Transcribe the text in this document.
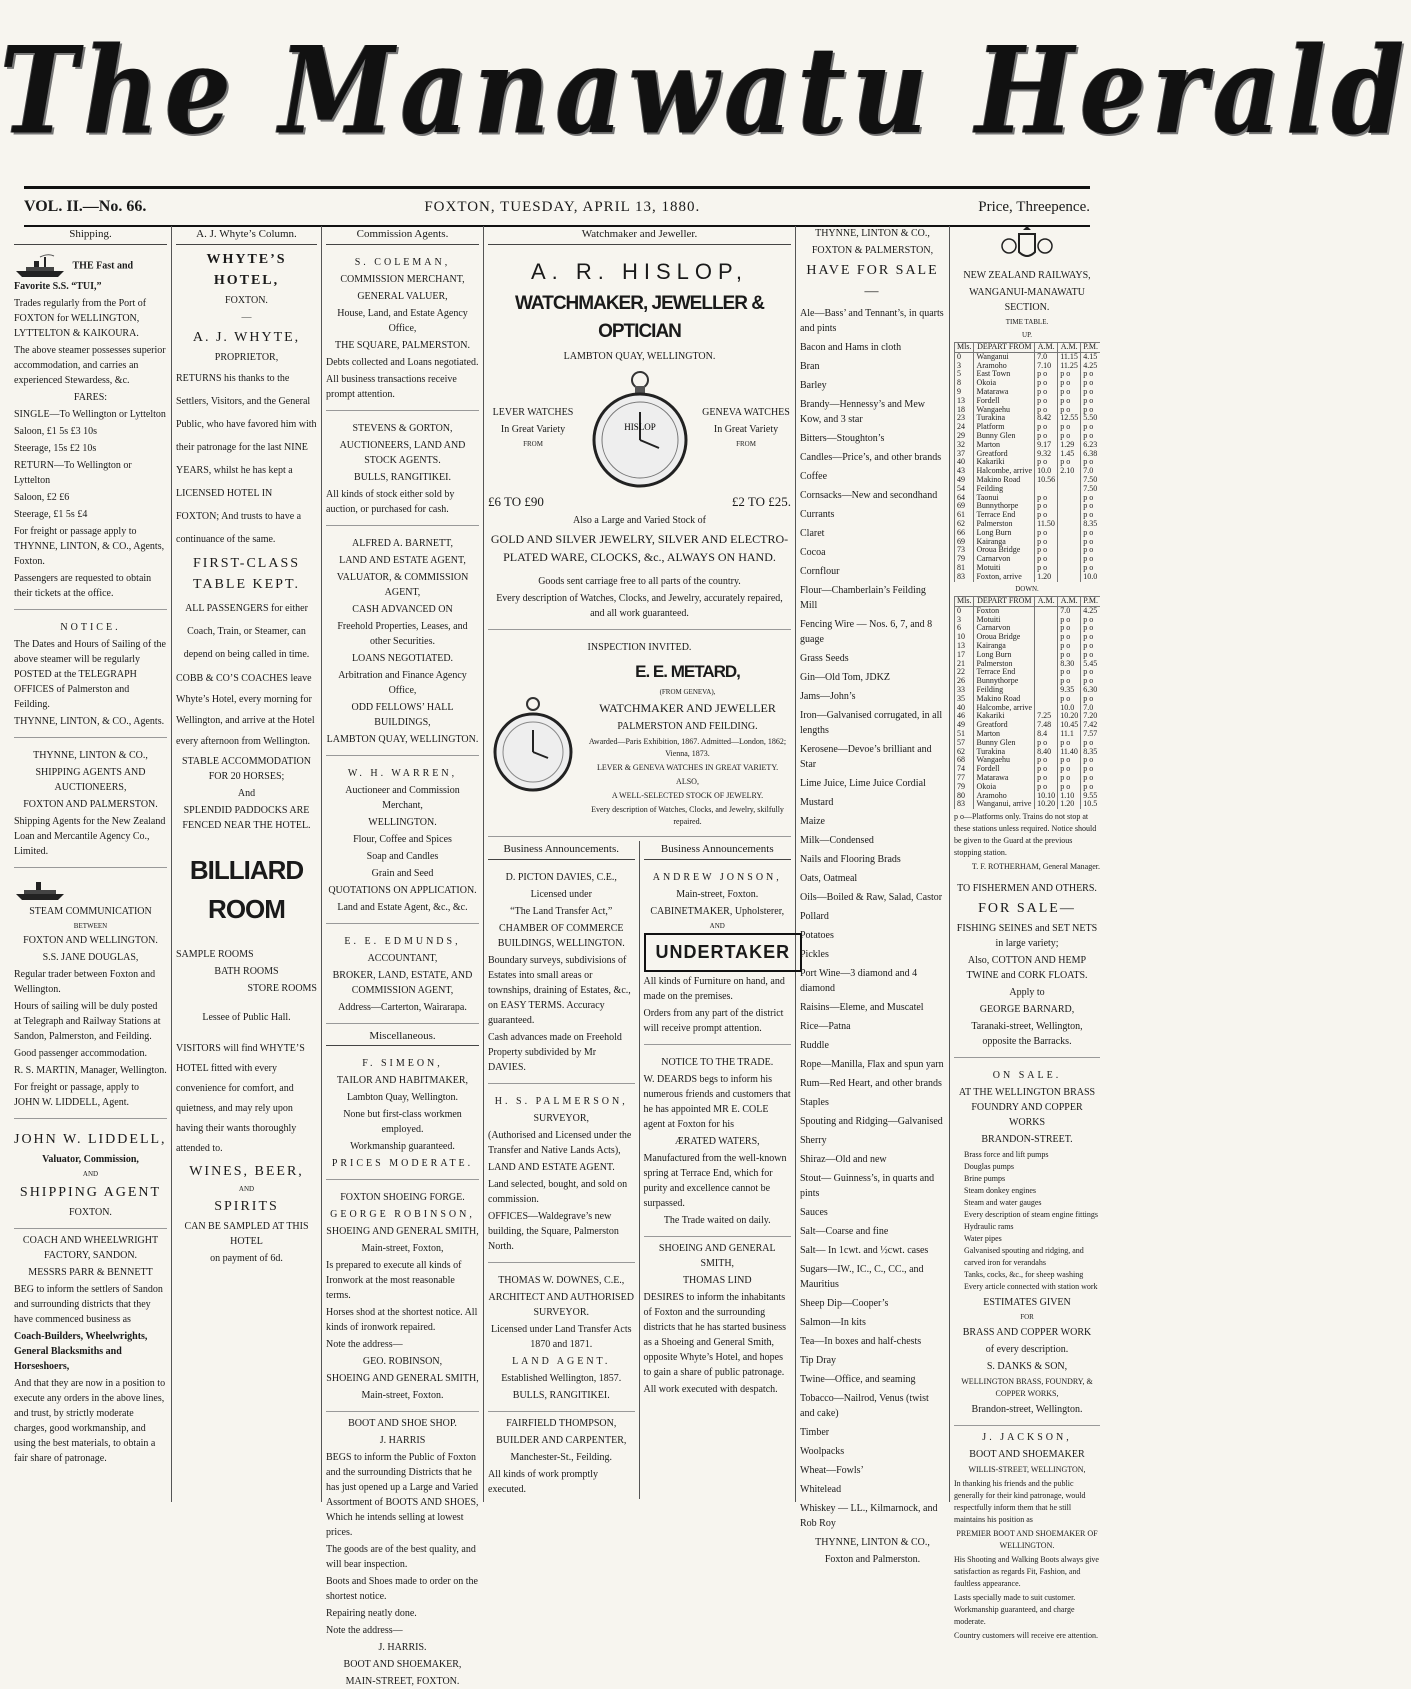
The Manawatu Herald
VOL. II.—No. 66.	FOXTON, TUESDAY, APRIL 13, 1880.	Price, Threepence.
Shipping.
THE Fast and Favorite S.S. “TUI,”

Trades regularly from the Port of FOXTON for WELLINGTON, LYTTELTON & KAIKOURA.

The above steamer possesses superior accommodation, and carries an experienced Stewardess, &c.

FARES:

SINGLE—To Wellington or Lyttelton

Saloon, £1 5s £3 10s

Steerage, 15s £2 10s

RETURN—To Wellington or Lyttelton

Saloon, £2 £6

Steerage, £1 5s £4

For freight or passage apply to THYNNE, LINTON, & CO., Agents, Foxton.

Passengers are requested to obtain their tickets at the office.

NOTICE.

The Dates and Hours of Sailing of the above steamer will be regularly POSTED at the TELEGRAPH OFFICES of Palmerston and Feilding.

THYNNE, LINTON, & CO., Agents.

THYNNE, LINTON & CO.,

SHIPPING AGENTS AND AUCTIONEERS,

FOXTON AND PALMERSTON.

Shipping Agents for the New Zealand Loan and Mercantile Agency Co., Limited.

STEAM COMMUNICATION

BETWEEN

FOXTON AND WELLINGTON.

S.S. JANE DOUGLAS,

Regular trader between Foxton and Wellington.

Hours of sailing will be duly posted at Telegraph and Railway Stations at Sandon, Palmerston, and Feilding.

Good passenger accommodation.

R. S. MARTIN, Manager, Wellington.

For freight or passage, apply to JOHN W. LIDDELL, Agent.

JOHN W. LIDDELL,

Valuator, Commission,

AND

SHIPPING AGENT

FOXTON.

COACH AND WHEELWRIGHT FACTORY, SANDON.

MESSRS PARR & BENNETT

BEG to inform the settlers of Sandon and surrounding districts that they have commenced business as

Coach-Builders, Wheelwrights, General Blacksmiths and Horseshoers,

And that they are now in a position to execute any orders in the above lines, and trust, by strictly moderate charges, good workmanship, and using the best materials, to obtain a fair share of patronage.

A. J. Whyte’s Column.

WHYTE’S HOTEL,

FOXTON.

—

A. J. WHYTE,

PROPRIETOR,

RETURNS his thanks to the Settlers, Visitors, and the General Public, who have favored him with their patronage for the last NINE YEARS, whilst he has kept a LICENSED HOTEL IN FOXTON; And trusts to have a continuance of the same.

FIRST-CLASS TABLE KEPT.

ALL PASSENGERS for either Coach, Train, or Steamer, can depend on being called in time.

COBB & CO’S COACHES leave Whyte’s Hotel, every morning for Wellington, and arrive at the Hotel every afternoon from Wellington.

STABLE ACCOMMODATION FOR 20 HORSES;

And

SPLENDID PADDOCKS ARE FENCED NEAR THE HOTEL.

BILLIARD ROOM

SAMPLE ROOMS

BATH ROOMS

STORE ROOMS

Lessee of Public Hall.

VISITORS will find WHYTE’S HOTEL fitted with every convenience for comfort, and quietness, and may rely upon having their wants thoroughly attended to.

WINES, BEER,

AND

SPIRITS

CAN BE SAMPLED AT THIS HOTEL

on payment of 6d.

Commission Agents.

S. COLEMAN,

COMMISSION MERCHANT,

GENERAL VALUER,

House, Land, and Estate Agency Office,

THE SQUARE, PALMERSTON.

Debts collected and Loans negotiated.

All business transactions receive prompt attention.

STEVENS & GORTON,

AUCTIONEERS, LAND AND STOCK AGENTS.

BULLS, RANGITIKEI.

All kinds of stock either sold by auction, or purchased for cash.

ALFRED A. BARNETT,

LAND AND ESTATE AGENT,

VALUATOR, & COMMISSION AGENT,

CASH ADVANCED ON

Freehold Properties, Leases, and other Securities.

LOANS NEGOTIATED.

Arbitration and Finance Agency Office,

ODD FELLOWS’ HALL BUILDINGS,

LAMBTON QUAY, WELLINGTON.

W. H. WARREN,

Auctioneer and Commission Merchant,

WELLINGTON.

Flour, Coffee and Spices

Soap and Candles

Grain and Seed

QUOTATIONS ON APPLICATION.

Land and Estate Agent, &c., &c.

E. E. EDMUNDS,

ACCOUNTANT,

BROKER, LAND, ESTATE, AND COMMISSION AGENT,

Address—Carterton, Wairarapa.

Miscellaneous.

F. SIMEON,

TAILOR AND HABITMAKER,

Lambton Quay, Wellington.

None but first-class workmen employed.

Workmanship guaranteed.

PRICES MODERATE.

FOXTON SHOEING FORGE.

GEORGE ROBINSON,

SHOEING AND GENERAL SMITH,

Main-street, Foxton,

Is prepared to execute all kinds of Ironwork at the most reasonable terms.

Horses shod at the shortest notice. All kinds of ironwork repaired.

Note the address—

GEO. ROBINSON,

SHOEING AND GENERAL SMITH,

Main-street, Foxton.

BOOT AND SHOE SHOP.

J. HARRIS

BEGS to inform the Public of Foxton and the surrounding Districts that he has just opened up a Large and Varied Assortment of BOOTS AND SHOES, Which he intends selling at lowest prices.

The goods are of the best quality, and will bear inspection.

Boots and Shoes made to order on the shortest notice.

Repairing neatly done.

Note the address—

J. HARRIS.

BOOT AND SHOEMAKER,

MAIN-STREET, FOXTON.

Watchmaker and Jeweller.

A. R. HISLOP,

WATCHMAKER, JEWELLER & OPTICIAN

LAMBTON QUAY, WELLINGTON.

LEVER WATCHES

In Great Variety

FROM

HISLOP

GENEVA WATCHES

In Great Variety

FROM

£6 TO £90	£2 TO £25.

Also a Large and Varied Stock of

GOLD AND SILVER JEWELRY, SILVER AND ELECTRO-PLATED WARE, CLOCKS, &c., ALWAYS ON HAND.

Goods sent carriage free to all parts of the country.

Every description of Watches, Clocks, and Jewelry, accurately repaired, and all work guaranteed.

INSPECTION INVITED.

E. E. METARD,

(FROM GENEVA),

WATCHMAKER AND JEWELLER

PALMERSTON AND FEILDING.

Awarded—Paris Exhibition, 1867. Admitted—London, 1862; Vienna, 1873.

LEVER & GENEVA WATCHES IN GREAT VARIETY.

ALSO,

A WELL-SELECTED STOCK OF JEWELRY.

Every description of Watches, Clocks, and Jewelry, skilfully repaired.

Business Announcements.

D. PICTON DAVIES, C.E.,

Licensed under

“The Land Transfer Act,”

CHAMBER OF COMMERCE BUILDINGS, WELLINGTON.

Boundary surveys, subdivisions of Estates into small areas or townships, draining of Estates, &c., on EASY TERMS. Accuracy guaranteed.

Cash advances made on Freehold Property subdivided by Mr DAVIES.

H. S. PALMERSON,

SURVEYOR,

(Authorised and Licensed under the Transfer and Native Lands Acts),

LAND AND ESTATE AGENT.

Land selected, bought, and sold on commission.

OFFICES—Waldegrave’s new building, the Square, Palmerston North.

THOMAS W. DOWNES, C.E.,

ARCHITECT AND AUTHORISED SURVEYOR.

Licensed under Land Transfer Acts 1870 and 1871.

LAND AGENT.

Established Wellington, 1857.

BULLS, RANGITIKEI.

FAIRFIELD THOMPSON,

BUILDER AND CARPENTER,

Manchester-St., Feilding.

All kinds of work promptly executed.

Business Announcements

ANDREW JONSON,

Main-street, Foxton.

CABINETMAKER, Upholsterer,

AND

UNDERTAKER

All kinds of Furniture on hand, and made on the premises.

Orders from any part of the district will receive prompt attention.

NOTICE TO THE TRADE.

W. DEARDS begs to inform his numerous friends and customers that he has appointed MR E. COLE agent at Foxton for his

ÆRATED WATERS,

Manufactured from the well-known spring at Terrace End, which for purity and excellence cannot be surpassed.

The Trade waited on daily.

SHOEING AND GENERAL SMITH,

THOMAS LIND

DESIRES to inform the inhabitants of Foxton and the surrounding districts that he has started business as a Shoeing and General Smith, opposite Whyte’s Hotel, and hopes to gain a share of public patronage.

All work executed with despatch.

THYNNE, LINTON & CO.,

FOXTON & PALMERSTON,

HAVE FOR SALE—

Ale—Bass’ and Tennant’s, in quarts and pints

Bacon and Hams in cloth

Bran

Barley

Brandy—Hennessy’s and Mew Kow, and 3 star

Bitters—Stoughton’s

Candles—Price’s, and other brands

Coffee

Cornsacks—New and secondhand

Currants

Claret

Cocoa

Cornflour

Flour—Chamberlain’s Feilding Mill

Fencing Wire — Nos. 6, 7, and 8 guage

Grass Seeds

Gin—Old Tom, JDKZ

Jams—John’s

Iron—Galvanised corrugated, in all lengths

Kerosene—Devoe’s brilliant and Star

Lime Juice, Lime Juice Cordial

Mustard

Maize

Milk—Condensed

Nails and Flooring Brads

Oats, Oatmeal

Oils—Boiled & Raw, Salad, Castor

Pollard

Potatoes

Pickles

Port Wine—3 diamond and 4 diamond

Raisins—Eleme, and Muscatel

Rice—Patna

Ruddle

Rope—Manilla, Flax and spun yarn

Rum—Red Heart, and other brands

Staples

Spouting and Ridging—Galvanised

Sherry

Shiraz—Old and new

Stout— Guinness’s, in quarts and pints

Sauces

Salt—Coarse and fine

Salt— In 1cwt. and ½cwt. cases

Sugars—IW., IC., C., CC., and Mauritius

Sheep Dip—Cooper’s

Salmon—In kits

Tea—In boxes and half-chests

Tip Dray

Twine—Office, and seaming

Tobacco—Nailrod, Venus (twist and cake)

Timber

Woolpacks

Wheat—Fowls’

Whitelead

Whiskey — LL., Kilmarnock, and Rob Roy

THYNNE, LINTON & CO.,

Foxton and Palmerston.

NEW ZEALAND RAILWAYS,

WANGANUI-MANAWATU SECTION.

TIME TABLE.

UP.

Mls.	DEPART FROM	A.M.	A.M.	P.M.
0	Wanganui	7.0	11.15	4.15
3	Aramoho	7.10	11.25	4.25
5	East Town	p o	p o	p o
8	Okoia	p o	p o	p o
9	Matarawa	p o	p o	p o
13	Fordell	p o	p o	p o
18	Wangaehu	p o	p o	p o
23	Turakina	8.42	12.55	5.50
24	Platform	p o	p o	p o
29	Bunny Glen	p o	p o	p o
32	Marton	9.17	1.29	6.23
37	Greatford	9.32	1.45	6.38
40	Kakariki	p o	p o	p o
43	Halcombe, arrive	10.0	2.10	7.0
49	Makino Road	10.56		7.50
54	Feilding			7.50
64	Taonui	p o		p o
69	Bunnythorpe	p o		p o
61	Terrace End	p o		p o
62	Palmerston	11.50		8.35
66	Long Burn	p o		p o
69	Kairanga	p o		p o
73	Oroua Bridge	p o		p o
79	Carnarvon	p o		p o
81	Motuiti	p o		p o
83	Foxton, arrive	1.20		10.0

DOWN.

Mls.	DEPART FROM	A.M.	A.M.	P.M.
0	Foxton		7.0	4.25
3	Motuiti		p o	p o
6	Carnarvon		p o	p o
10	Oroua Bridge		p o	p o
13	Kairanga		p o	p o
17	Long Burn		p o	p o
21	Palmerston		8.30	5.45
22	Terrace End		p o	p o
26	Bunnythorpe		p o	p o
33	Feilding		9.35	6.30
35	Makino Road		p o	p o
40	Halcombe, arrive		10.0	7.0
46	Kakariki	7.25	10.20	7.20
49	Greatford	7.48	10.45	7.42
51	Marton	8.4	11.1	7.57
57	Bunny Glen	p o	p o	p o
62	Turakina	8.40	11.40	8.35
68	Wangaehu	p o	p o	p o
74	Fordell	p o	p o	p o
77	Matarawa	p o	p o	p o
79	Okoia	p o	p o	p o
80	Aramoho	10.10	1.10	9.55
83	Wanganui, arrive	10.20	1.20	10.5

p o—Platforms only. Trains do not stop at these stations unless required. Notice should be given to the Guard at the previous stopping station.

T. F. ROTHERHAM, General Manager.

TO FISHERMEN AND OTHERS.

FOR SALE—

FISHING SEINES and SET NETS in large variety;

Also, COTTON AND HEMP TWINE and CORK FLOATS.

Apply to

GEORGE BARNARD,

Taranaki-street, Wellington, opposite the Barracks.

ON SALE.

AT THE WELLINGTON BRASS FOUNDRY AND COPPER WORKS

BRANDON-STREET.

Brass force and lift pumps

Douglas pumps

Brine pumps

Steam donkey engines

Steam and water gauges

Every description of steam engine fittings

Hydraulic rams

Water pipes

Galvanised spouting and ridging, and carved iron for verandahs

Tanks, cocks, &c., for sheep washing

Every article connected with station work

ESTIMATES GIVEN

FOR

BRASS AND COPPER WORK

of every description.

S. DANKS & SON,

WELLINGTON BRASS, FOUNDRY, & COPPER WORKS,

Brandon-street, Wellington.

J. JACKSON,

BOOT AND SHOEMAKER

WILLIS-STREET, WELLINGTON,

In thanking his friends and the public generally for their kind patronage, would respectfully inform them that he still maintains his position as

PREMIER BOOT AND SHOEMAKER OF WELLINGTON.

His Shooting and Walking Boots always give satisfaction as regards Fit, Fashion, and faultless appearance.

Lasts specially made to suit customer. Workmanship guaranteed, and charge moderate.

Country customers will receive ere attention.
